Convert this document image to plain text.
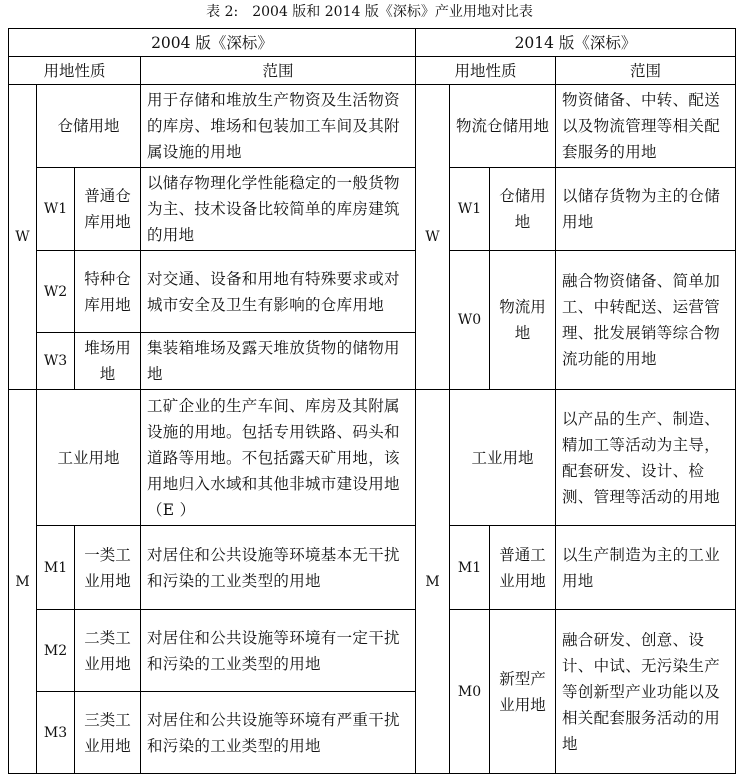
表 2:　2004 版和 2014 版《深标》产业用地对比表
2004 版《深标》				2014 版《深标》			
用地性质			范围	用地性质			范围
W	仓储用地		用于存储和堆放生产物资及生活物资的库房、堆场和包装加工车间及其附属设施的用地	W	物流仓储用地		物资储备、中转、配送以及物流管理等相关配套服务的用地
	W1	普通仓库用地	以储存物理化学性能稳定的一般货物为主、技术设备比较简单的库房建筑的用地		W1	仓储用地	以储存货物为主的仓储用地
	W2	特种仓库用地	对交通、设备和用地有特殊要求或对城市安全及卫生有影响的仓库用地		W0	物流用地	融合物资储备、简单加工、中转配送、运营管理、批发展销等综合物流功能的用地
	W3	堆场用地	集装箱堆场及露天堆放货物的储物用地				
M	工业用地		工矿企业的生产车间、库房及其附属设施的用地。包括专用铁路、码头和道路等用地。不包括露天矿用地，该用地归入水域和其他非城市建设用地（E ）	M	工业用地		以产品的生产、制造、精加工等活动为主导，配套研发、设计、检测、管理等活动的用地
	M1	一类工业用地	对居住和公共设施等环境基本无干扰和污染的工业类型的用地		M1	普通工业用地	以生产制造为主的工业用地
	M2	二类工业用地	对居住和公共设施等环境有一定干扰和污染的工业类型的用地		M0	新型产业用地	融合研发、创意、设计、中试、无污染生产等创新型产业功能以及相关配套服务活动的用地
	M3	三类工业用地	对居住和公共设施等环境有严重干扰和污染的工业类型的用地				
